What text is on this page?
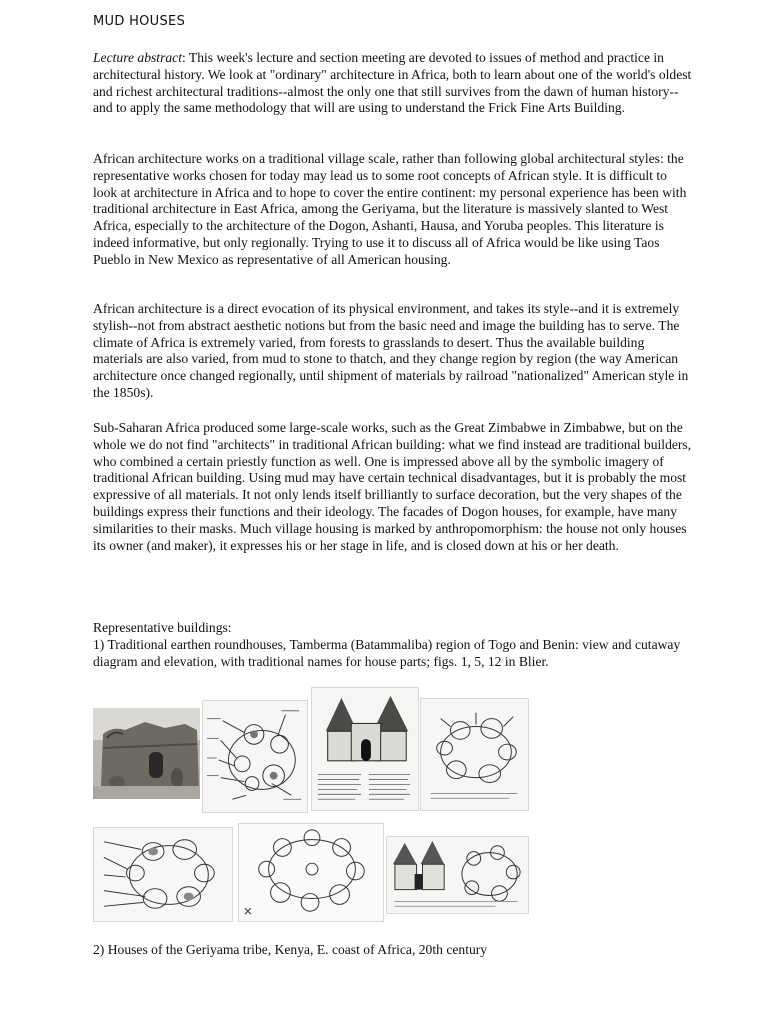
MUD HOUSES

Lecture abstract: This week's lecture and section meeting are devoted to issues of method and practice in architectural history. We look at "ordinary" architecture in Africa, both to learn about one of the world's oldest and richest architectural traditions--almost the only one that still survives from the dawn of human history--and to apply the same methodology that will are using to understand the Frick Fine Arts Building.

African architecture works on a traditional village scale, rather than following global architectural styles: the representative works chosen for today may lead us to some root concepts of African style. It is difficult to look at architecture in Africa and to hope to cover the entire continent: my personal experience has been with traditional architecture in East Africa, among the Geriyama, but the literature is massively slanted to West Africa, especially to the architecture of the Dogon, Ashanti, Hausa, and Yoruba peoples. This literature is indeed informative, but only regionally. Trying to use it to discuss all of Africa would be like using Taos Pueblo in New Mexico as representative of all American housing.

African architecture is a direct evocation of its physical environment, and takes its style--and it is extremely stylish--not from abstract aesthetic notions but from the basic need and image the building has to serve. The climate of Africa is extremely varied, from forests to grasslands to desert. Thus the available building materials are also varied, from mud to stone to thatch, and they change region by region (the way American architecture once changed regionally, until shipment of materials by railroad "nationalized" American style in the 1850s).

Sub-Saharan Africa produced some large-scale works, such as the Great Zimbabwe in Zimbabwe, but on the whole we do not find "architects" in traditional African building: what we find instead are traditional builders, who combined a certain priestly function as well. One is impressed above all by the symbolic imagery of traditional African building. Using mud may have certain technical disadvantages, but it is probably the most expressive of all materials. It not only lends itself brilliantly to surface decoration, but the very shapes of the buildings express their functions and their ideology. The facades of Dogon houses, for example, have many similarities to their masks. Much village housing is marked by anthropomorphism: the house not only houses its owner (and maker), it expresses his or her stage in life, and is closed down at his or her death.

Representative buildings:
1) Traditional earthen roundhouses, Tamberma (Batammaliba) region of Togo and Benin: view and cutaway diagram and elevation, with traditional names for house parts; figs. 1, 5, 12 in Blier.

2) Houses of the Geriyama tribe, Kenya, E. coast of Africa, 20th century
